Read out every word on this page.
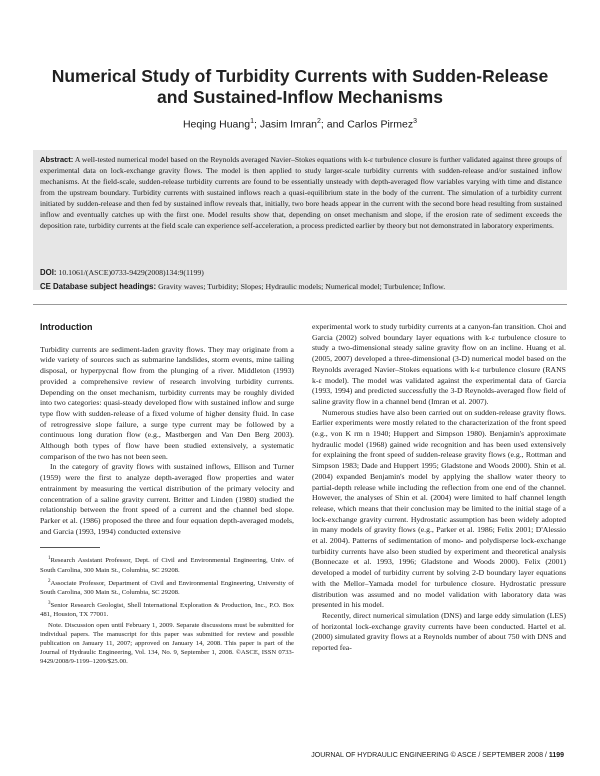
Numerical Study of Turbidity Currents with Sudden-Release and Sustained-Inflow Mechanisms
Heqing Huang$^1$; Jasim Imran$^2$; and Carlos Pirmez$^3$
Abstract: A well-tested numerical model based on the Reynolds averaged Navier–Stokes equations with k-ε turbulence closure is further validated against three groups of experimental data on lock-exchange gravity flows. The model is then applied to study larger-scale turbidity currents with sudden-release and/or sustained inflow mechanisms. At the field-scale, sudden-release turbidity currents are found to be essentially unsteady with depth-averaged flow variables varying with time and distance from the upstream boundary. Turbidity currents with sustained inflows reach a quasi-equilibrium state in the body of the current. The simulation of a turbidity current initiated by sudden-release and then fed by sustained inflow reveals that, initially, two bore heads appear in the current with the second bore head resulting from sustained inflow and eventually catches up with the first one. Model results show that, depending on onset mechanism and slope, if the erosion rate of sediment exceeds the deposition rate, turbidity currents at the field scale can experience self-acceleration, a process predicted earlier by theory but not demonstrated in laboratory experiments.
DOI: 10.1061/(ASCE)0733-9429(2008)134:9(1199)
CE Database subject headings: Gravity waves; Turbidity; Slopes; Hydraulic models; Numerical model; Turbulence; Inflow.
Introduction

Turbidity currents are sediment-laden gravity flows. They may originate from a wide variety of sources such as submarine landslides, storm events, mine tailing disposal, or hyperpycnal flow from the plunging of a river. Middleton (1993) provided a comprehensive review of research involving turbidity currents. Depending on the onset mechanism, turbidity currents may be roughly divided into two categories: quasi-steady developed flow with sustained inflow and surge type flow with sudden-release of a fixed volume of higher density fluid. In case of retrogressive slope failure, a surge type current may be followed by a continuous long duration flow (e.g., Mastbergen and Van Den Berg 2003). Although both types of flow have been studied extensively, a systematic comparison of the two has not been seen.

In the category of gravity flows with sustained inflows, Ellison and Turner (1959) were the first to analyze depth-averaged flow properties and water entrainment by measuring the vertical distribution of the primary velocity and concentration of a saline gravity current. Britter and Linden (1980) studied the relationship between the front speed of a current and the channel bed slope. Parker et al. (1986) proposed the three and four equation depth-averaged models, and Garcia (1993, 1994) conducted extensive

$^1$Research Assistant Professor, Dept. of Civil and Environmental Engineering, Univ. of South Carolina, 300 Main St., Columbia, SC 29208.
$^2$Associate Professor, Department of Civil and Environmental Engineering, University of South Carolina, 300 Main St., Columbia, SC 29208.
$^3$Senior Research Geologist, Shell International Exploration & Production, Inc., P.O. Box 481, Houston, TX 77001.
Note. Discussion open until February 1, 2009. Separate discussions must be submitted for individual papers. The manuscript for this paper was submitted for review and possible publication on January 11, 2007; approved on January 14, 2008. This paper is part of the Journal of Hydraulic Engineering, Vol. 134, No. 9, September 1, 2008. ©ASCE, ISSN 0733-9429/2008/9-1199–1209/$25.00.

experimental work to study turbidity currents at a canyon-fan transition. Choi and Garcia (2002) solved boundary layer equations with k-ε turbulence closure to study a two-dimensional steady saline gravity flow on an incline. Huang et al. (2005, 2007) developed a three-dimensional (3-D) numerical model based on the Reynolds averaged Navier–Stokes equations with k-ε turbulence closure (RANS k-ε model). The model was validated against the experimental data of Garcia (1993, 1994) and predicted successfully the 3-D Reynolds-averaged flow field of saline gravity flow in a channel bend (Imran et al. 2007).

Numerous studies have also been carried out on sudden-release gravity flows. Earlier experiments were mostly related to the characterization of the front speed (e.g., von K rm n 1940; Huppert and Simpson 1980). Benjamin's approximate hydraulic model (1968) gained wide recognition and has been used extensively for explaining the front speed of sudden-release gravity flows (e.g., Rottman and Simpson 1983; Dade and Huppert 1995; Gladstone and Woods 2000). Shin et al. (2004) expanded Benjamin's model by applying the shallow water theory to partial-depth release while including the reflection from one end of the channel. However, the analyses of Shin et al. (2004) were limited to half channel length release, which means that their conclusion may be limited to the initial stage of a lock-exchange gravity current. Hydrostatic assumption has been widely adopted in many models of gravity flows (e.g., Parker et al. 1986; Felix 2001; D'Alessio et al. 2004). Patterns of sedimentation of mono- and polydisperse lock-exchange turbidity currents have also been studied by experiment and theoretical analysis (Bonnecaze et al. 1993, 1996; Gladstone and Woods 2000). Felix (2001) developed a model of turbidity current by solving 2-D boundary layer equations with the Mellor–Yamada model for turbulence closure. Hydrostatic pressure distribution was assumed and no model validation with laboratory data was presented in his model.

Recently, direct numerical simulation (DNS) and large eddy simulation (LES) of horizontal lock-exchange gravity currents have been conducted. Hartel et al. (2000) simulated gravity flows at a Reynolds number of about 750 with DNS and reported fea-

JOURNAL OF HYDRAULIC ENGINEERING © ASCE / SEPTEMBER 2008 / 1199
